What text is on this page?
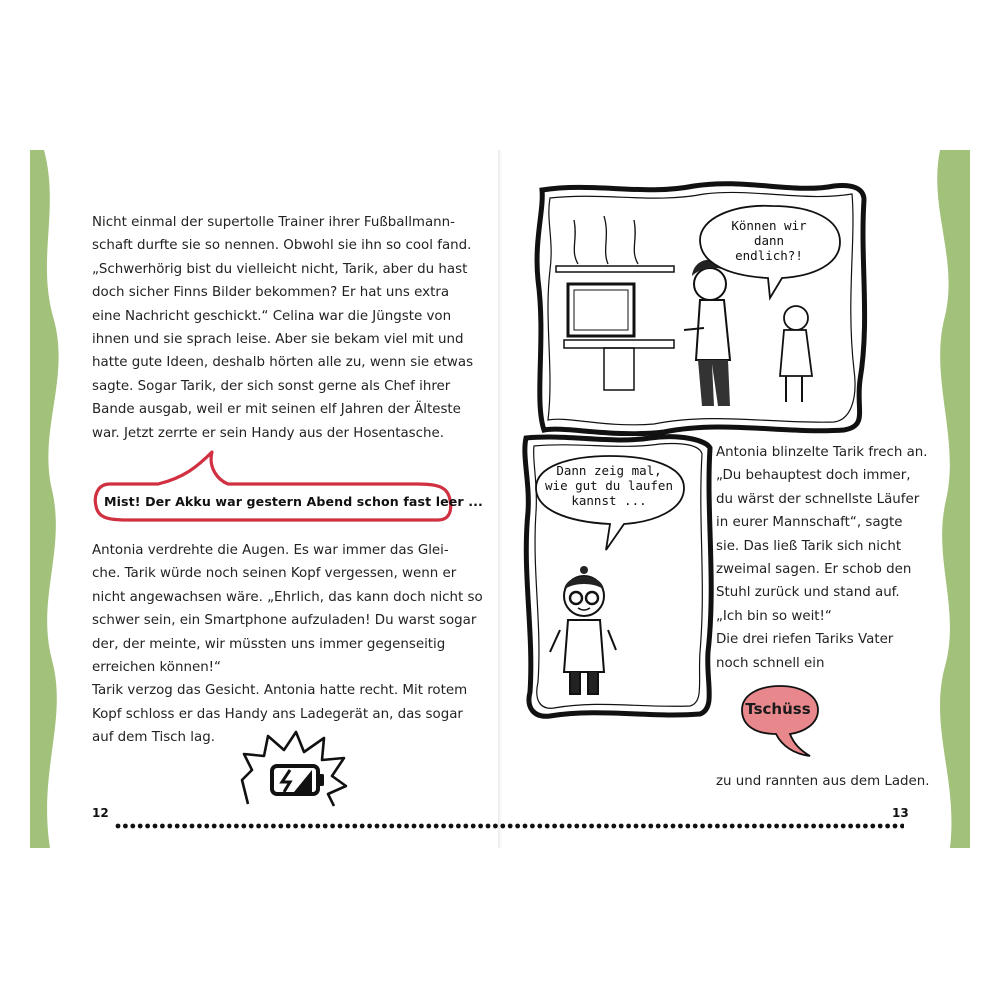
Nicht einmal der supertolle Trainer ihrer Fußballmann-
schaft durfte sie so nennen. Obwohl sie ihn so cool fand.
„Schwerhörig bist du vielleicht nicht, Tarik, aber du hast
doch sicher Finns Bilder bekommen? Er hat uns extra
eine Nachricht geschickt.“ Celina war die Jüngste von
ihnen und sie sprach leise. Aber sie bekam viel mit und
hatte gute Ideen, deshalb hörten alle zu, wenn sie etwas
sagte. Sogar Tarik, der sich sonst gerne als Chef ihrer
Bande ausgab, weil er mit seinen elf Jahren der Älteste
war. Jetzt zerrte er sein Handy aus der Hosentasche.
Mist! Der Akku war gestern Abend schon fast leer ...
Antonia verdrehte die Augen. Es war immer das Glei-
che. Tarik würde noch seinen Kopf vergessen, wenn er
nicht angewachsen wäre. „Ehrlich, das kann doch nicht so
schwer sein, ein Smartphone aufzuladen! Du warst sogar
der, der meinte, wir müssten uns immer gegenseitig
erreichen können!“
Tarik verzog das Gesicht. Antonia hatte recht. Mit rotem
Kopf schloss er das Handy ans Ladegerät an, das sogar
auf dem Tisch lag.
Können wir
dann
endlich?!
Dann zeig mal,
wie gut du laufen
kannst ...
Antonia blinzelte Tarik frech an.
„Du behauptest doch immer,
du wärst der schnellste Läufer
in eurer Mannschaft“, sagte
sie. Das ließ Tarik sich nicht
zweimal sagen. Er schob den
Stuhl zurück und stand auf.
„Ich bin so weit!“
Die drei riefen Tariks Vater
noch schnell ein
Tschüss
zu und rannten aus dem Laden.
12	13
